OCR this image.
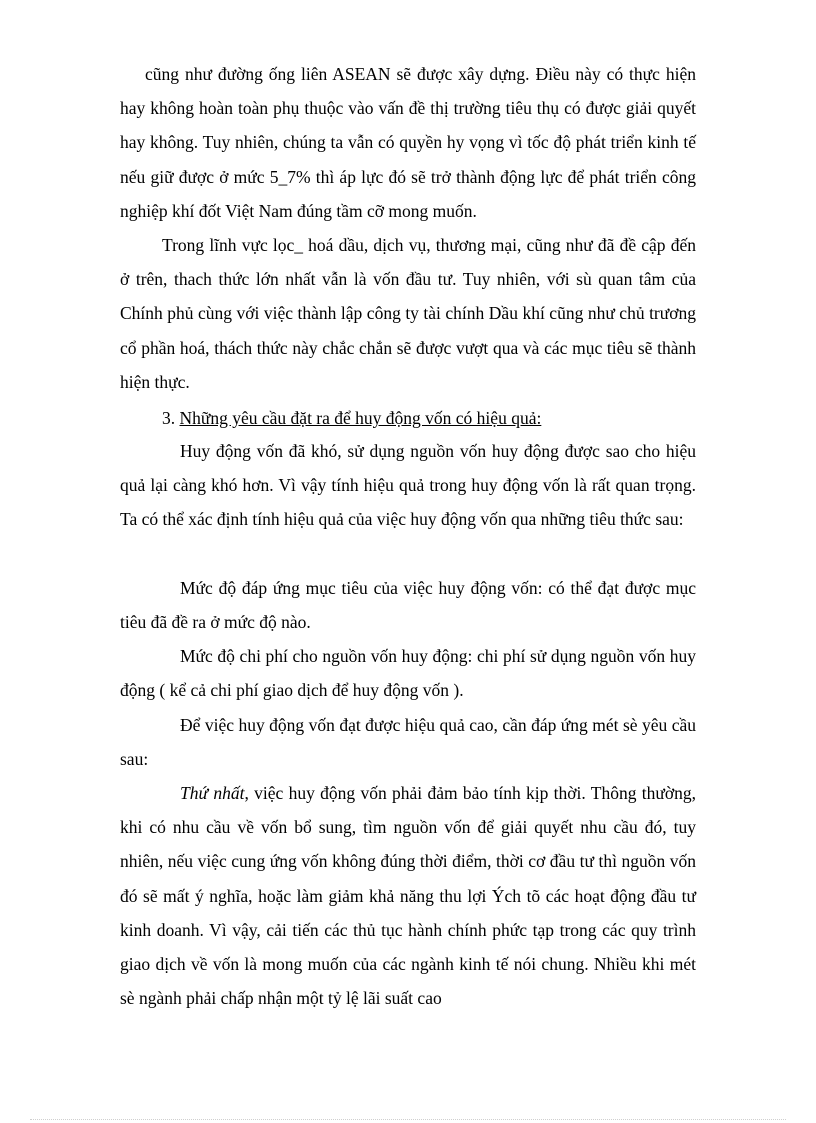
cũng như đường ống liên ASEAN sẽ được xây dựng. Điều này có thực hiện hay không hoàn toàn phụ thuộc vào vấn đề thị trường tiêu thụ có được giải quyết hay không. Tuy nhiên, chúng ta vẫn có quyền hy vọng vì tốc độ phát triển kinh tế nếu giữ được ở mức 5_7% thì áp lực đó sẽ trở thành động lực để phát triển công nghiệp khí đốt Việt Nam đúng tầm cỡ mong muốn.

Trong lĩnh vực lọc_ hoá dầu, dịch vụ, thương mại, cũng như đã đề cập đến ở trên, thach thức lớn nhất vẫn là vốn đầu tư. Tuy nhiên, với sù quan tâm của Chính phủ cùng với việc thành lập công ty tài chính Dầu khí cũng như chủ trương cổ phần hoá, thách thức này chắc chắn sẽ được vượt qua và các mục tiêu sẽ thành hiện thực.

3. Những yêu cầu đặt ra để huy động vốn có hiệu quả:

Huy động vốn đã khó, sử dụng nguồn vốn huy động được sao cho hiệu quả lại càng khó hơn. Vì vậy tính hiệu quả trong huy động vốn là rất quan trọng. Ta có thể xác định tính hiệu quả của việc huy động vốn qua những tiêu thức sau:

Mức độ đáp ứng mục tiêu của việc huy động vốn: có thể đạt được mục tiêu đã đề ra ở mức độ nào.

Mức độ chi phí cho nguồn vốn huy động: chi phí sử dụng nguồn vốn huy động ( kể cả chi phí giao dịch để huy động vốn ).

Để việc huy động vốn đạt được hiệu quả cao, cần đáp ứng mét sè yêu cầu sau:

Thứ nhất, việc huy động vốn phải đảm bảo tính kịp thời. Thông thường, khi có nhu cầu về vốn bổ sung, tìm nguồn vốn để giải quyết nhu cầu đó, tuy nhiên, nếu việc cung ứng vốn không đúng thời điểm, thời cơ đầu tư thì nguồn vốn đó sẽ mất ý nghĩa, hoặc làm giảm khả năng thu lợi Ých tõ các hoạt động đầu tư kinh doanh. Vì vậy, cải tiến các thủ tục hành chính phức tạp trong các quy trình giao dịch về vốn là mong muốn của các ngành kinh tế nói chung. Nhiều khi mét sè ngành phải chấp nhận một tỷ lệ lãi suất cao
